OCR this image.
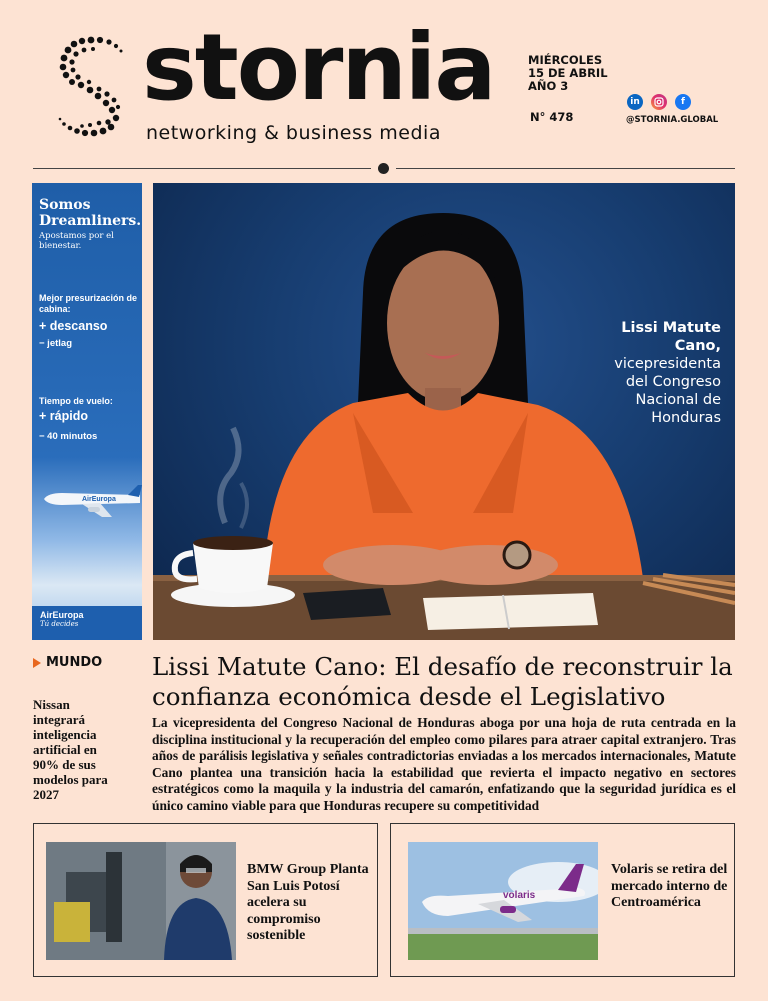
stornia
networking & business media
MIÉRCOLES
15 DE ABRIL
AÑO 3
N° 478
in	f
@STORNIA.GLOBAL
Somos Dreamliners.
Apostamos por el bienestar.
Mejor presurización de cabina:
+ descanso
− jetlag
Tiempo de vuelo:
+ rápido
− 40 minutos
AirEuropa
AirEuropa
Tú decides
Lissi Matute Cano,
vicepresidenta del Congreso Nacional de Honduras
MUNDO
Nissan integrará inteligencia artificial en 90% de sus modelos para 2027
Lissi Matute Cano: El desafío de reconstruir la confianza económica desde el Legislativo

La vicepresidenta del Congreso Nacional de Honduras aboga por una hoja de ruta centrada en la disciplina institucional y la recuperación del empleo como pilares para atraer capital extranjero. Tras años de parálisis legislativa y señales contradictorias enviadas a los mercados internacionales, Matute Cano plantea una transición hacia la estabilidad que revierta el impacto negativo en sectores estratégicos como la maquila y la industria del camarón, enfatizando que la seguridad jurídica es el único camino viable para que Honduras recupere su competitividad

BMW Group Planta San Luis Potosí acelera su compromiso sostenible
volaris
Volaris se retira del mercado interno de Centroamérica
